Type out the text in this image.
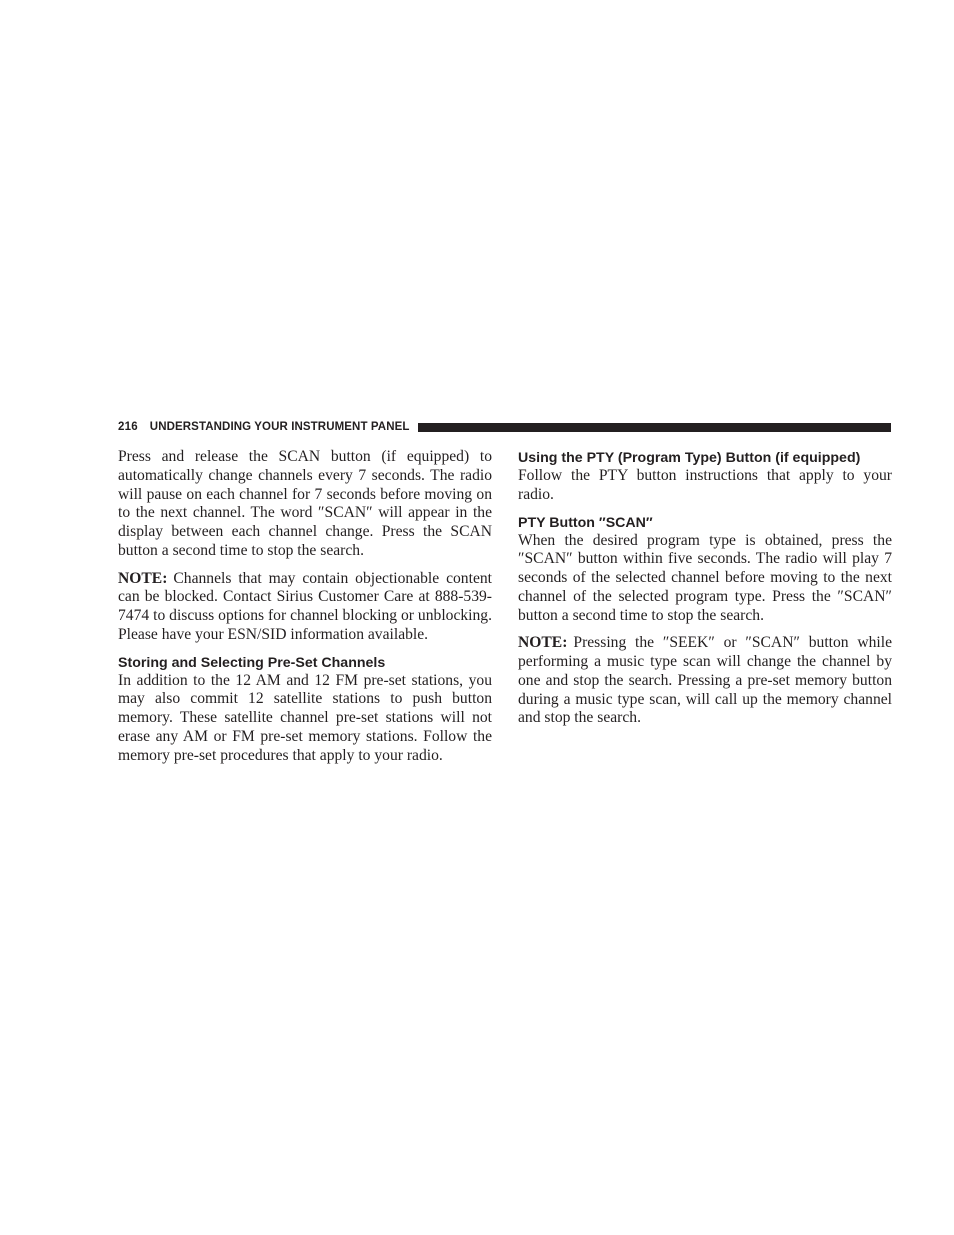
216 UNDERSTANDING YOUR INSTRUMENT PANEL

Press and release the SCAN button (if equipped) to automatically change channels every 7 seconds. The radio will pause on each channel for 7 seconds before moving on to the next channel. The word ″SCAN″ will appear in the display between each channel change. Press the SCAN button a second time to stop the search.

NOTE: Channels that may contain objectionable content can be blocked. Contact Sirius Customer Care at 888-539-7474 to discuss options for channel blocking or unblocking. Please have your ESN/SID information available.

Storing and Selecting Pre-Set Channels

In addition to the 12 AM and 12 FM pre-set stations, you may also commit 12 satellite stations to push button memory. These satellite channel pre-set stations will not erase any AM or FM pre-set memory stations. Follow the memory pre-set procedures that apply to your radio.

Using the PTY (Program Type) Button (if equipped)

Follow the PTY button instructions that apply to your radio.

PTY Button ″SCAN″

When the desired program type is obtained, press the ″SCAN″ button within five seconds. The radio will play 7 seconds of the selected channel before moving to the next channel of the selected program type. Press the ″SCAN″ button a second time to stop the search.

NOTE: Pressing the ″SEEK″ or ″SCAN″ button while performing a music type scan will change the channel by one and stop the search. Pressing a pre-set memory button during a music type scan, will call up the memory channel and stop the search.
